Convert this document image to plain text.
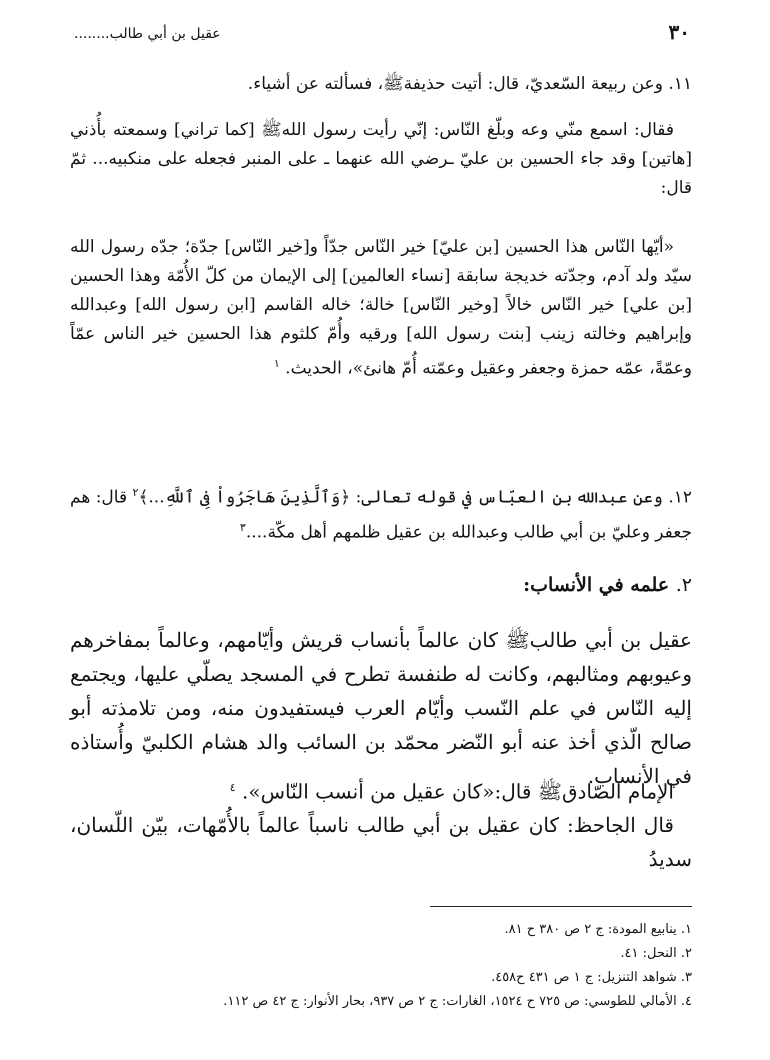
٣٠
عقيل بن أبي طالب........

١١. وعن ربيعة السّعديّ، قال: أتيت حذيفةﷺ، فسألته عن أشياء.

فقال: اسمع منّي وعه وبلّغ النّاس: إنّي رأيت رسول اللهﷺ [كما تراني] وسمعته بأُذني [هاتين] وقد جاء الحسين بن عليّ ـرضي الله عنهما ـ على المنبر فجعله على منكبيه... ثمّ قال:

«أيّها النّاس هذا الحسين [بن عليّ] خير النّاس جدّاً و[خير النّاس] جدّة؛ جدّه رسول الله سيّد ولد آدم، وجدّته خديجة سابقة [نساء العالمين] إلى الإيمان من كلّ الأُمّة وهذا الحسين [بن علي] خير النّاس خالاً [وخير النّاس] خالة؛ خاله القاسم [ابن رسول الله] وعبدالله وإبراهيم وخالته زينب [بنت رسول الله] ورقيه وأُمّ كلثوم هذا الحسين خير الناس عمّاً وعمّةً، عمّه حمزة وجعفر وعقيل وعمّته أُمّ هانئ»، الحديث. $^١$

١٢. وعن عبدالله بن العبّاس في قوله تعالى: ﴿وَٱلَّذِينَ هَاجَرُواْ فِى ٱللَّهِ...﴾$^٢$ قال: هم جعفر وعليّ بن أبي طالب وعبدالله بن عقيل ظلمهم أهل مكّة....$^٣$

٢. علمه في الأنساب:

عقيل بن أبي طالبﷺ كان عالماً بأنساب قريش وأيّامهم، وعالماً بمفاخرهم وعيوبهم ومثالبهم، وكانت له طنفسة تطرح في المسجد يصلّي عليها، ويجتمع إليه النّاس في علم النّسب وأيّام العرب فيستفيدون منه، ومن تلامذته أبو صالح الّذي أخذ عنه أبو النّضر محمّد بن السائب والد هشام الكلبيّ وأُستاذه في الأنساب.

الإمام الصّادقﷺ قال:«كان عقيل من أنسب النّاس». $^٤$

قال الجاحظ: كان عقيل بن أبي طالب ناسباً عالماً بالأُمّهات، بيّن اللّسان، سديدُ

١. ينابيع المودة: ج ٢ ص ٣٨٠ ح ٨١.
٢. النحل: ٤١.
٣. شواهد التنزيل: ج ١ ص ٤٣١ ح٤٥٨.
٤. الأمالي للطوسي: ص ٧٢٥ ح ١٥٢٤، الغارات: ج ٢ ص ٩٣٧، بحار الأنوار: ج ٤٢ ص ١١٢.
